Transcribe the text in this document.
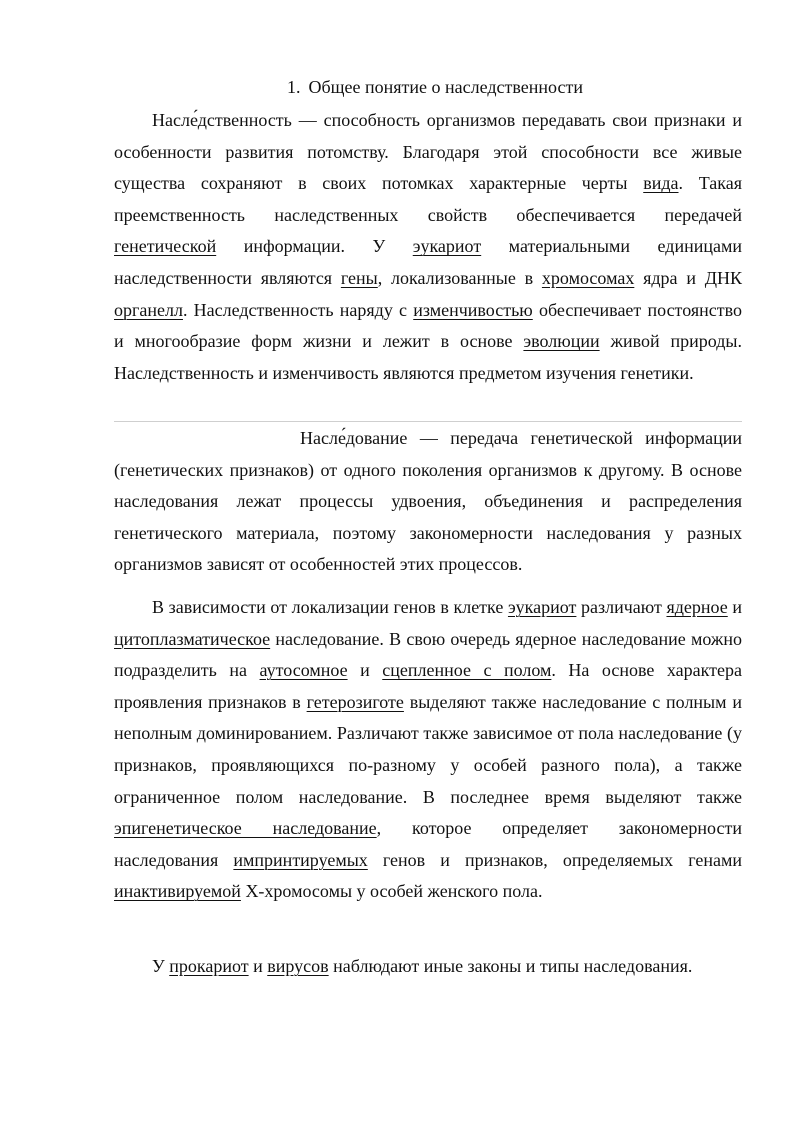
1. Общее понятие о наследственности

Насле́дственность — способность организмов передавать свои признаки и особенности развития потомству. Благодаря этой способности все живые существа сохраняют в своих потомках характерные черты вида. Такая преемственность наследственных свойств обеспечивается передачей генетической информации. У эукариот материальными единицами наследственности являются гены, локализованные в хромосомах ядра и ДНК органелл. Наследственность наряду с изменчивостью обеспечивает постоянство и многообразие форм жизни и лежит в основе эволюции живой природы. Наследственность и изменчивость являются предметом изучения генетики.

Насле́дование — передача генетической информации (генетических признаков) от одного поколения организмов к другому. В основе наследования лежат процессы удвоения, объединения и распределения генетического материала, поэтому закономерности наследования у разных организмов зависят от особенностей этих процессов.

В зависимости от локализации генов в клетке эукариот различают ядерное и цитоплазматическое наследование. В свою очередь ядерное наследование можно подразделить на аутосомное и сцепленное с полом. На основе характера проявления признаков в гетерозиготе выделяют также наследование с полным и неполным доминированием. Различают также зависимое от пола наследование (у признаков, проявляющихся по-разному у особей разного пола), а также ограниченное полом наследование. В последнее время выделяют также эпигенетическое наследование, которое определяет закономерности наследования импринтируемых генов и признаков, определяемых генами инактивируемой X-хромосомы у особей женского пола.

У прокариот и вирусов наблюдают иные законы и типы наследования.
